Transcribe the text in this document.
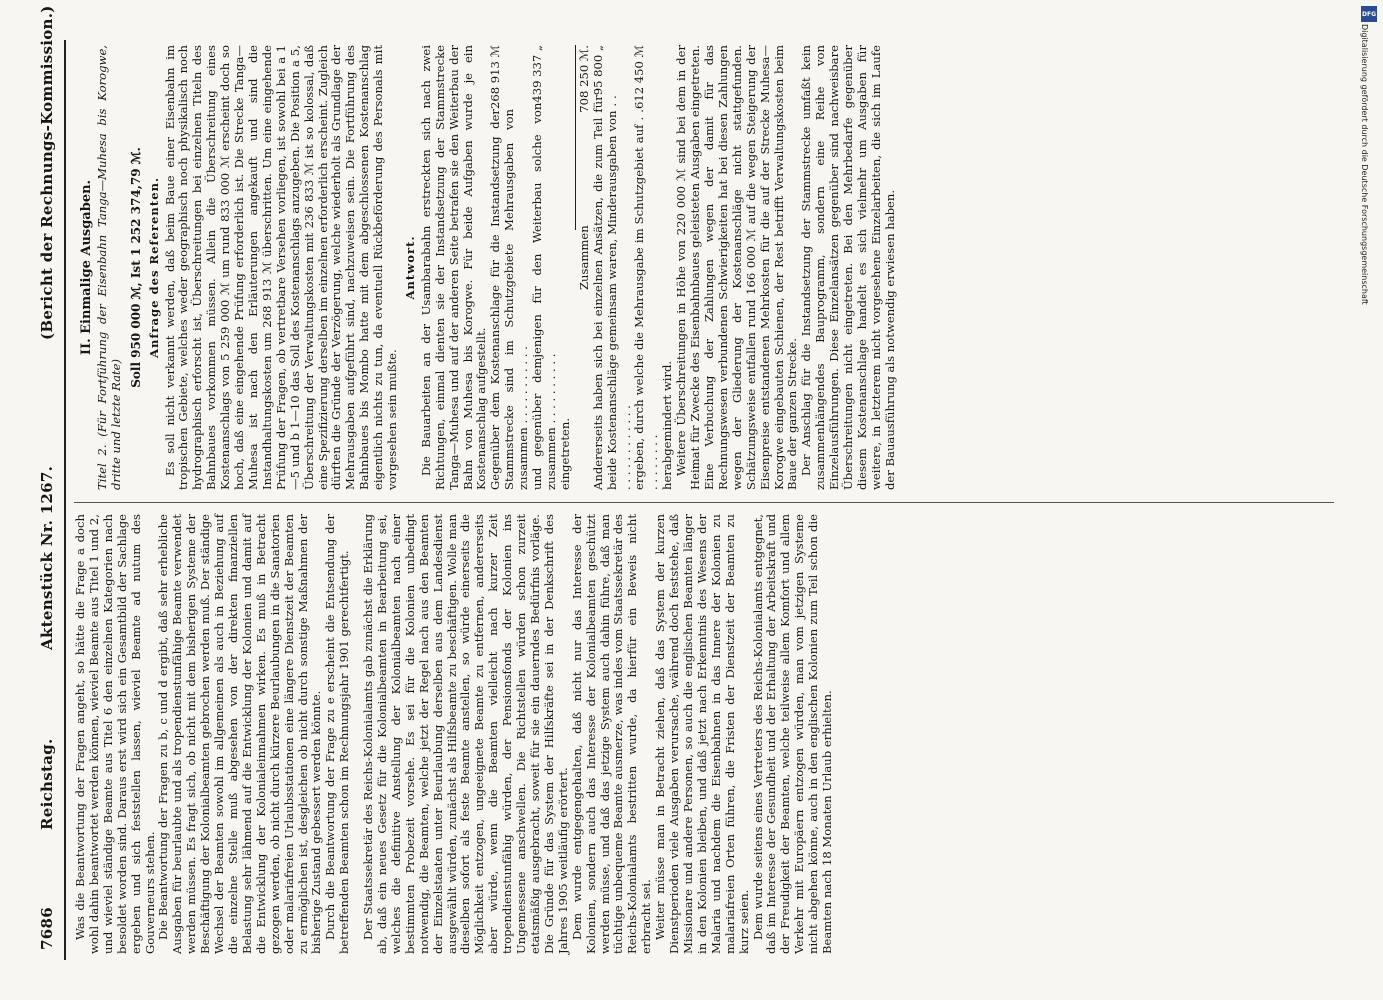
7686
Reichstag.
Aktenstück Nr. 1267.
(Bericht der Rechnungs-Kommission.)

Was die Beantwortung der Fragen angeht, so hätte die Frage a doch wohl dahin beantwortet werden können, wieviel Beamte aus Titel 1 und 2, und wieviel ständige Beamte aus Titel 6 den einzelnen Kategorien nach besoldet worden sind. Daraus erst wird sich ein Gesamtbild der Sachlage ergeben und sich feststellen lassen, wieviel Beamte ad nutum des Gouverneurs stehen. Die Beantwortung der Fragen zu b, c und d ergibt, daß sehr erhebliche Ausgaben für beurlaubte und als tropendienstunfähige Beamte verwendet werden müssen. Es fragt sich, ob nicht mit dem bisherigen Systeme der Beschäftigung der Kolonialbeamten gebrochen werden muß. Der ständige Wechsel der Beamten sowohl im allgemeinen als auch in Beziehung auf die einzelne Stelle muß abgesehen von der direkten finanziellen Belastung sehr lähmend auf die Entwicklung der Kolonien und damit auf die Entwicklung der Kolonialeinnahmen wirken. Es muß in Betracht gezogen werden, ob nicht durch kürzere Beurlaubungen in die Sanatorien oder malariafreien Urlaubsstationen eine längere Dienstzeit der Beamten zu ermöglichen ist, desgleichen ob nicht durch sonstige Maßnahmen der bisherige Zustand gebessert werden könnte. Durch die Beantwortung der Frage zu e erscheint die Entsendung der betreffenden Beamten schon im Rechnungsjahr 1901 gerechtfertigt. Der Staatssekretär des Reichs-Kolonialamts gab zunächst die Erklärung ab, daß ein neues Gesetz für die Kolonialbeamten in Bearbeitung sei, welches die definitive Anstellung der Kolonialbeamten nach einer bestimmten Probezeit vorsehe. Es sei für die Kolonien unbedingt notwendig, die Beamten, welche jetzt der Regel nach aus den Beamten der Einzelstaaten unter Beurlaubung derselben aus dem Landesdienst ausgewählt würden, zunächst als Hilfsbeamte zu beschäftigen. Wolle man dieselben sofort als feste Beamte anstellen, so würde einerseits die Möglichkeit entzogen, ungeeignete Beamte zu entfernen, andererseits aber würde, wenn die Beamten vielleicht nach kurzer Zeit tropendienstunfähig würden, der Pensionsfonds der Kolonien ins Ungemessene anschwellen. Die Richtstellen würden schon zurzeit etatsmäßig ausgebracht, soweit für sie ein dauerndes Bedürfnis vorläge. Die Gründe für das System der Hilfskräfte sei in der Denkschrift des Jahres 1905 weitläufig erörtert. Dem wurde entgegengehalten, daß nicht nur das Interesse der Kolonien, sondern auch das Interesse der Kolonialbeamten geschützt werden müsse, und daß das jetzige System auch dahin führe, daß man tüchtige unbequeme Beamte ausmerze, was indes vom Staatssekretär des Reichs-Kolonialamts bestritten wurde, da hierfür ein Beweis nicht erbracht sei. Weiter müsse man in Betracht ziehen, daß das System der kurzen Dienstperioden viele Ausgaben verursache, während doch feststehe, daß Missionare und andere Personen, so auch die englischen Beamten länger in den Kolonien bleiben, und daß jetzt nach Erkenntnis des Wesens der Malaria und nachdem die Eisenbahnen in das Innere der Kolonien zu malariafreien Orten führen, die Fristen der Dienstzeit der Beamten zu kurz seien. Dem wurde seitens eines Vertreters des Reichs-Kolonialamts entgegnet, daß im Interesse der Gesundheit und der Erhaltung der Arbeitskraft und der Freudigkeit der Beamten, welche teilweise allem Komfort und allem Verkehr mit Europäern entzogen würden, man vom jetzigen Systeme nicht abgehen könne, auch in den englischen Kolonien zum Teil schon die Beamten nach 18 Monaten Urlaub erhielten.

II. Einmalige Ausgaben. Titel 2. (Für Fortführung der Eisenbahn Tanga—Muhesa bis Korogwe, dritte und letzte Rate)

Soll 950 000 ℳ, Ist 1 252 374,79 ℳ. Anfrage des Referenten. Es soll nicht verkannt werden, daß beim Baue einer Eisenbahn im tropischen Gebiete, welches weder geographisch noch physikalisch noch hydrographisch erforscht ist, Überschreitungen bei einzelnen Titeln des Bahnbaues vorkommen müssen. Allein die Überschreitung eines Kostenanschlags von 5 259 000 ℳ um rund 833 000 ℳ erscheint doch so hoch, daß eine eingehende Prüfung erforderlich ist. Die Strecke Tanga—Muhesa ist nach den Erläuterungen angekauft und sind die Instandhaltungskosten um 268 913 ℳ überschritten. Um eine eingehende Prüfung der Fragen, ob vertretbare Versehen vorliegen, ist sowohl bei a 1—5 und b 1—10 das Soll des Kostenanschlags anzugeben. Die Position a 5, Überschreitung der Verwaltungskosten mit 236 833 ℳ ist so kolossal, daß eine Spezifizierung derselben im einzelnen erforderlich erscheint. Zugleich dürften die Gründe der Verzögerung, welche wiederholt als Grundlage der Mehrausgaben aufgeführt sind, nachzuweisen sein. Die Fortführung des Bahnbaues bis Mombo hatte mit dem abgeschlossenen Kostenanschlag eigentlich nichts zu tun, da eventuell Rückbeförderung des Personals mit vorgesehen sein mußte.

Antwort. Die Bauarbeiten an der Usambarabahn erstreckten sich nach zwei Richtungen, einmal dienten sie der Instandsetzung der Stammstrecke Tanga—Muhesa und auf der anderen Seite betrafen sie den Weiterbau der Bahn von Muhesa bis Korogwe. Für beide Aufgaben wurde je ein Kostenanschlag aufgestellt. Gegenüber dem Kostenanschlage für die Instandsetzung der Stammstrecke sind im Schutzgebiete Mehrausgaben von zusammen . . . . . . . . . . .
268 913 ℳ
und gegenüber demjenigen für den Weiterbau solche von zusammen . . . . . . . . . .
439 337 „

eingetreten.

Zusammen
708 250 ℳ.
Andererseits haben sich bei einzelnen Ansätzen, die zum Teil für beide Kostenanschläge gemeinsam waren, Minderausgaben von . . . . . . . . . . . . . .
95 800 „
ergeben, durch welche die Mehrausgabe im Schutzgebiet auf . . . . . . . . . .
612 450 ℳ

herabgemindert wird. Weitere Überschreitungen in Höhe von 220 000 ℳ sind bei dem in der Heimat für Zwecke des Eisenbahnbaues geleisteten Ausgaben eingetreten. Eine Verbuchung der Zahlungen wegen der damit für das Rechnungswesen verbundenen Schwierigkeiten hat bei diesen Zahlungen wegen der Gliederung der Kostenanschläge nicht stattgefunden. Schätzungsweise entfallen rund 166 000 ℳ auf die wegen Steigerung der Eisenpreise entstandenen Mehrkosten für die auf der Strecke Muhesa—Korogwe eingebauten Schienen, der Rest betrifft Verwaltungskosten beim Baue der ganzen Strecke. Der Anschlag für die Instandsetzung der Stammstrecke umfaßt kein zusammenhängendes Bauprogramm, sondern eine Reihe von Einzelausführungen. Diese Einzelansätzen gegenüber sind nachweisbare Überschreitungen nicht eingetreten. Bei den Mehrbedarfe gegenüber diesem Kostenanschlage handelt es sich vielmehr um Ausgaben für weitere, in letzterem nicht vorgesehene Einzelarbeiten, die sich im Laufe der Bauausführung als notwendig erwiesen haben.

DFG
Digitalisierung gefördert durch die Deutsche Forschungsgemeinschaft
